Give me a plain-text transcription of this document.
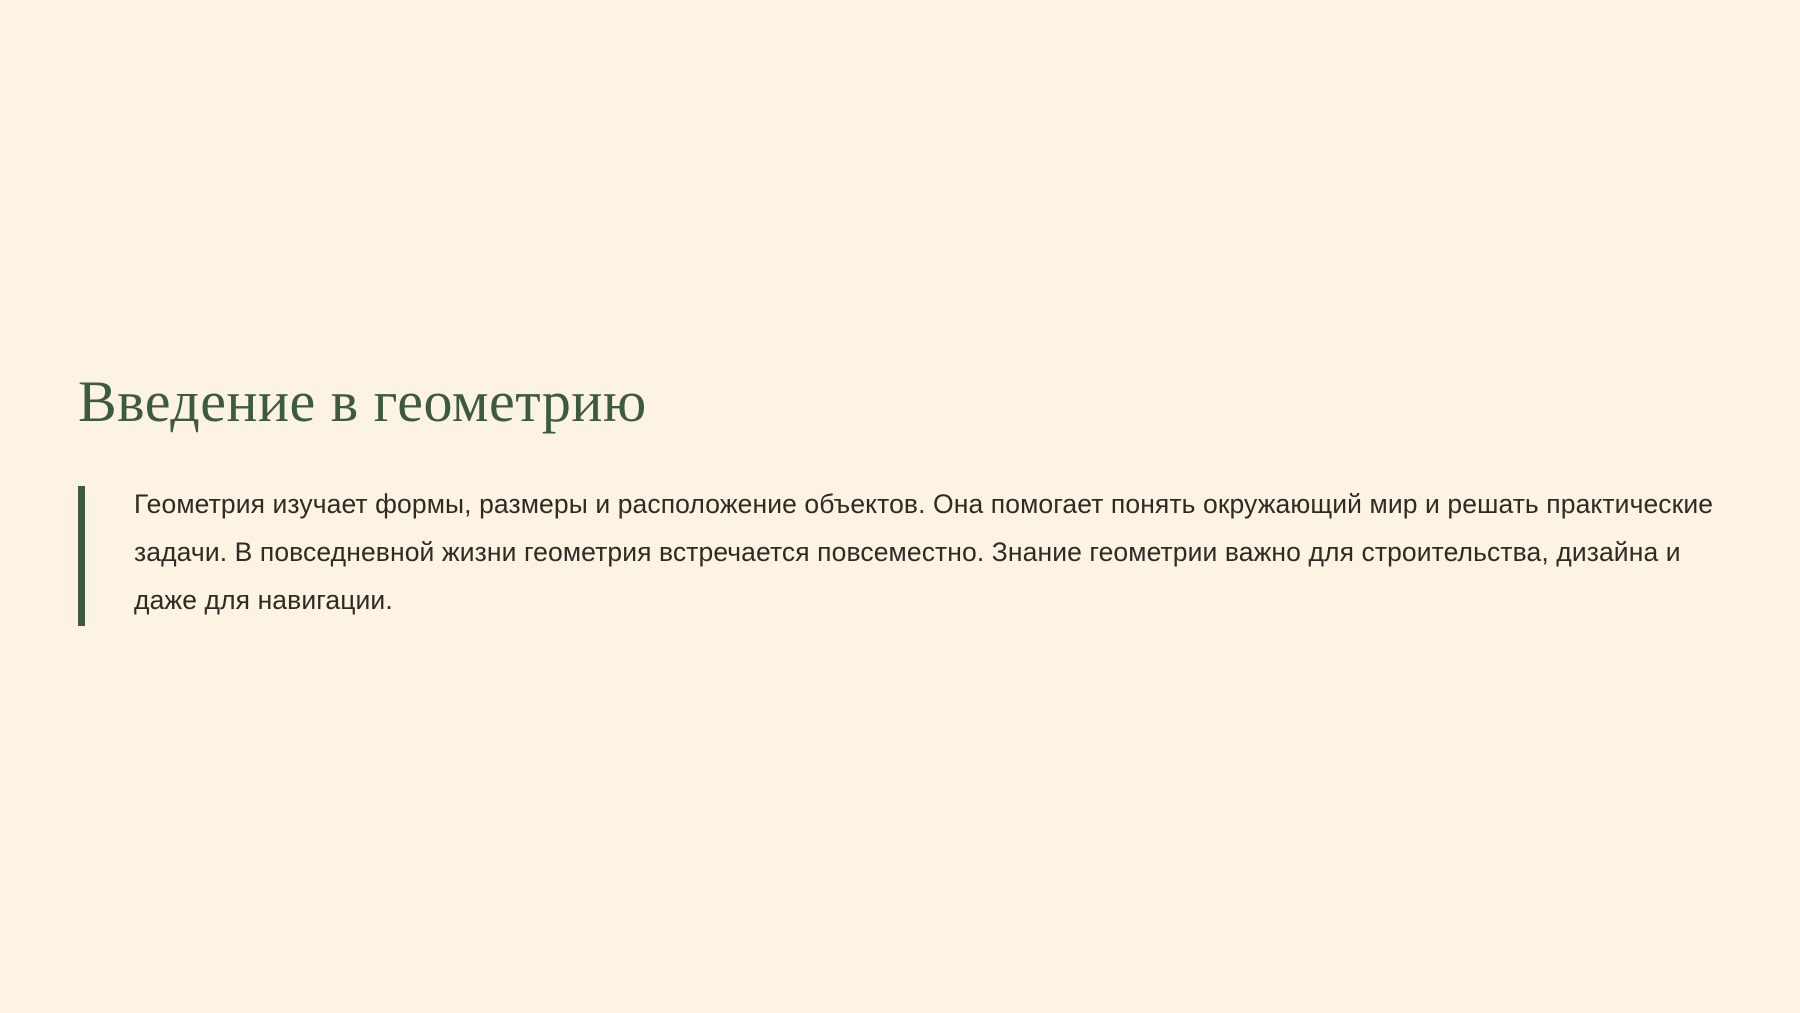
Введение в геометрию

Геометрия изучает формы, размеры и расположение объектов. Она помогает понять окружающий мир и решать практические задачи. В повседневной жизни геометрия встречается повсеместно. Знание геометрии важно для строительства, дизайна и даже для навигации.
